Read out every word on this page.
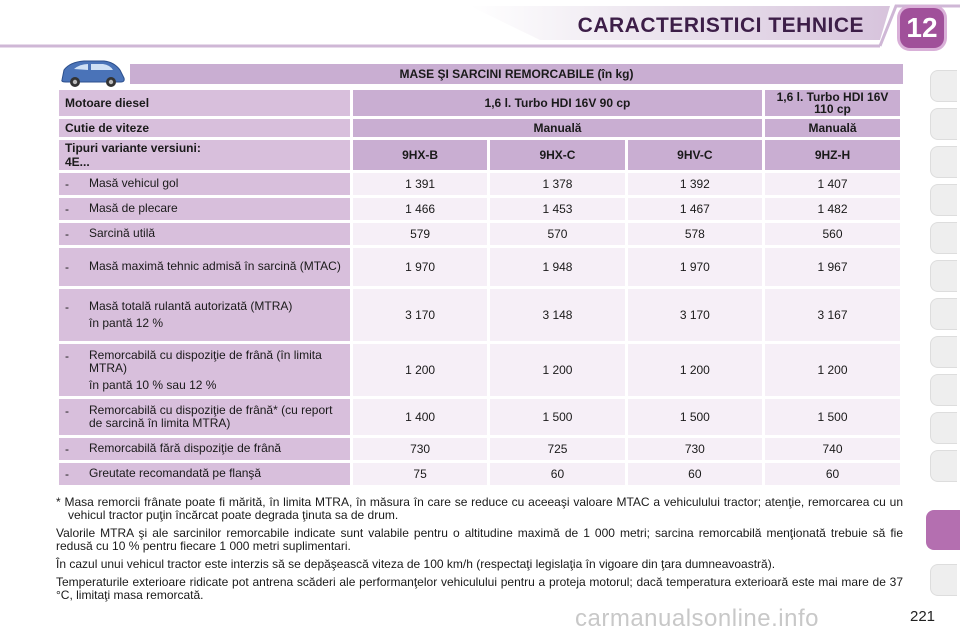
CARACTERISTICI TEHNICE 12
MASE ŞI SARCINI REMORCABILE (în kg)
Motoare diesel	1,6 l. Turbo HDI 16V 90 cp			1,6 l. Turbo HDI 16V 110 cp
Cutie de viteze	Manuală			Manuală

Tipuri variante versiuni:
4E...	9HX-B	9HX-C	9HV-C	9HZ-H

- Masă vehicul gol	1 391	1 378	1 392	1 407

- Masă de plecare	1 466	1 453	1 467	1 482

- Sarcină utilă	579	570	578	560

- Masă maximă tehnic admisă în sarcină (MTAC)	1 970	1 948	1 970	1 967

- Masă totală rulantă autorizată (MTRA)
în pantă 12 %	3 170	3 148	3 170	3 167

- Remorcabilă cu dispoziţie de frână (în limita MTRA)
în pantă 10 % sau 12 %	1 200	1 200	1 200	1 200

- Remorcabilă cu dispoziţie de frână* (cu report de sarcină în limita MTRA)	1 400	1 500	1 500	1 500

- Remorcabilă fără dispoziţie de frână	730	725	730	740

- Greutate recomandată pe flanşă	75	60	60	60

* Masa remorcii frânate poate fi mărită, în limita MTRA, în măsura în care se reduce cu aceeaşi valoare MTAC a vehiculului tractor; atenţie, remorcarea cu un vehicul tractor puţin încărcat poate degrada ţinuta sa de drum.

Valorile MTRA şi ale sarcinilor remorcabile indicate sunt valabile pentru o altitudine maximă de 1 000 metri; sarcina remorcabilă menţionată trebuie să fie redusă cu 10 % pentru fiecare 1 000 metri suplimentari.

În cazul unui vehicul tractor este interzis să se depăşească viteza de 100 km/h (respectaţi legislaţia în vigoare din ţara dumneavoastră).

Temperaturile exterioare ridicate pot antrena scăderi ale performanţelor vehiculului pentru a proteja motorul; dacă temperatura exterioară este mai mare de 37 °C, limitaţi masa remorcată.

carmanualsonline.info	221
